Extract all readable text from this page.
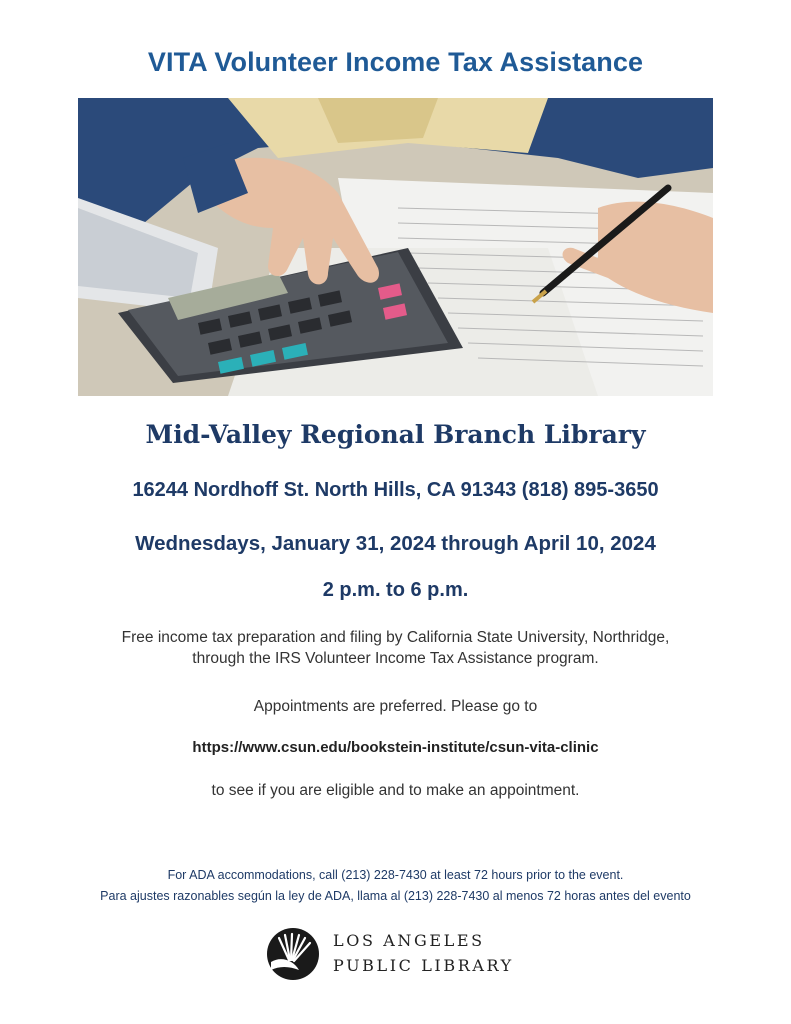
VITA Volunteer Income Tax Assistance
Mid-Valley Regional Branch Library
16244 Nordhoff St. North Hills, CA 91343 (818) 895-3650
Wednesdays, January 31, 2024 through April 10, 2024
2 p.m. to 6 p.m.
Free income tax preparation and filing by California State University, Northridge,
through the IRS Volunteer Income Tax Assistance program.
Appointments are preferred. Please go to
https://www.csun.edu/bookstein-institute/csun-vita-clinic
to see if you are eligible and to make an appointment.
For ADA accommodations, call (213) 228-7430 at least 72 hours prior to the event.
Para ajustes razonables según la ley de ADA, llama al (213) 228-7430 al menos 72 horas antes del evento
LOS ANGELES
PUBLIC LIBRARY
